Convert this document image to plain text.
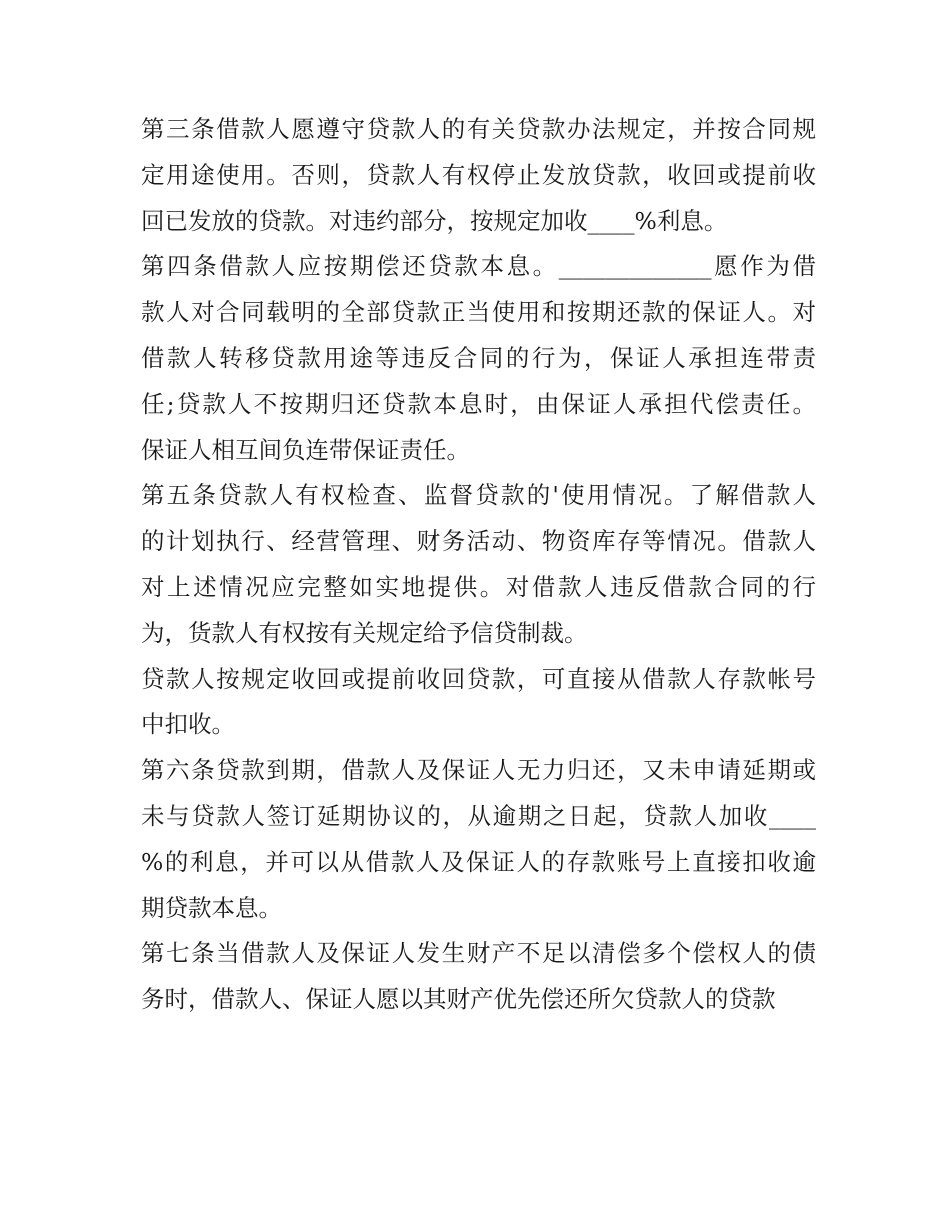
第三条借款人愿遵守贷款人的有关贷款办法规定，并按合同规
定用途使用。否则，贷款人有权停止发放贷款，收回或提前收
回已发放的贷款。对违约部分，按规定加收____%利息。
第四条借款人应按期偿还贷款本息。_____________愿作为借
款人对合同载明的全部贷款正当使用和按期还款的保证人。对
借款人转移贷款用途等违反合同的行为，保证人承担连带责
任;贷款人不按期归还贷款本息时，由保证人承担代偿责任。
保证人相互间负连带保证责任。
第五条贷款人有权检查、监督贷款的'使用情况。了解借款人
的计划执行、经营管理、财务活动、物资库存等情况。借款人
对上述情况应完整如实地提供。对借款人违反借款合同的行
为，货款人有权按有关规定给予信贷制裁。
贷款人按规定收回或提前收回贷款，可直接从借款人存款帐号
中扣收。
第六条贷款到期，借款人及保证人无力归还，又未申请延期或
未与贷款人签订延期协议的，从逾期之日起，贷款人加收____
%的利息，并可以从借款人及保证人的存款账号上直接扣收逾
期贷款本息。
第七条当借款人及保证人发生财产不足以清偿多个偿权人的债
务时，借款人、保证人愿以其财产优先偿还所欠贷款人的贷款
